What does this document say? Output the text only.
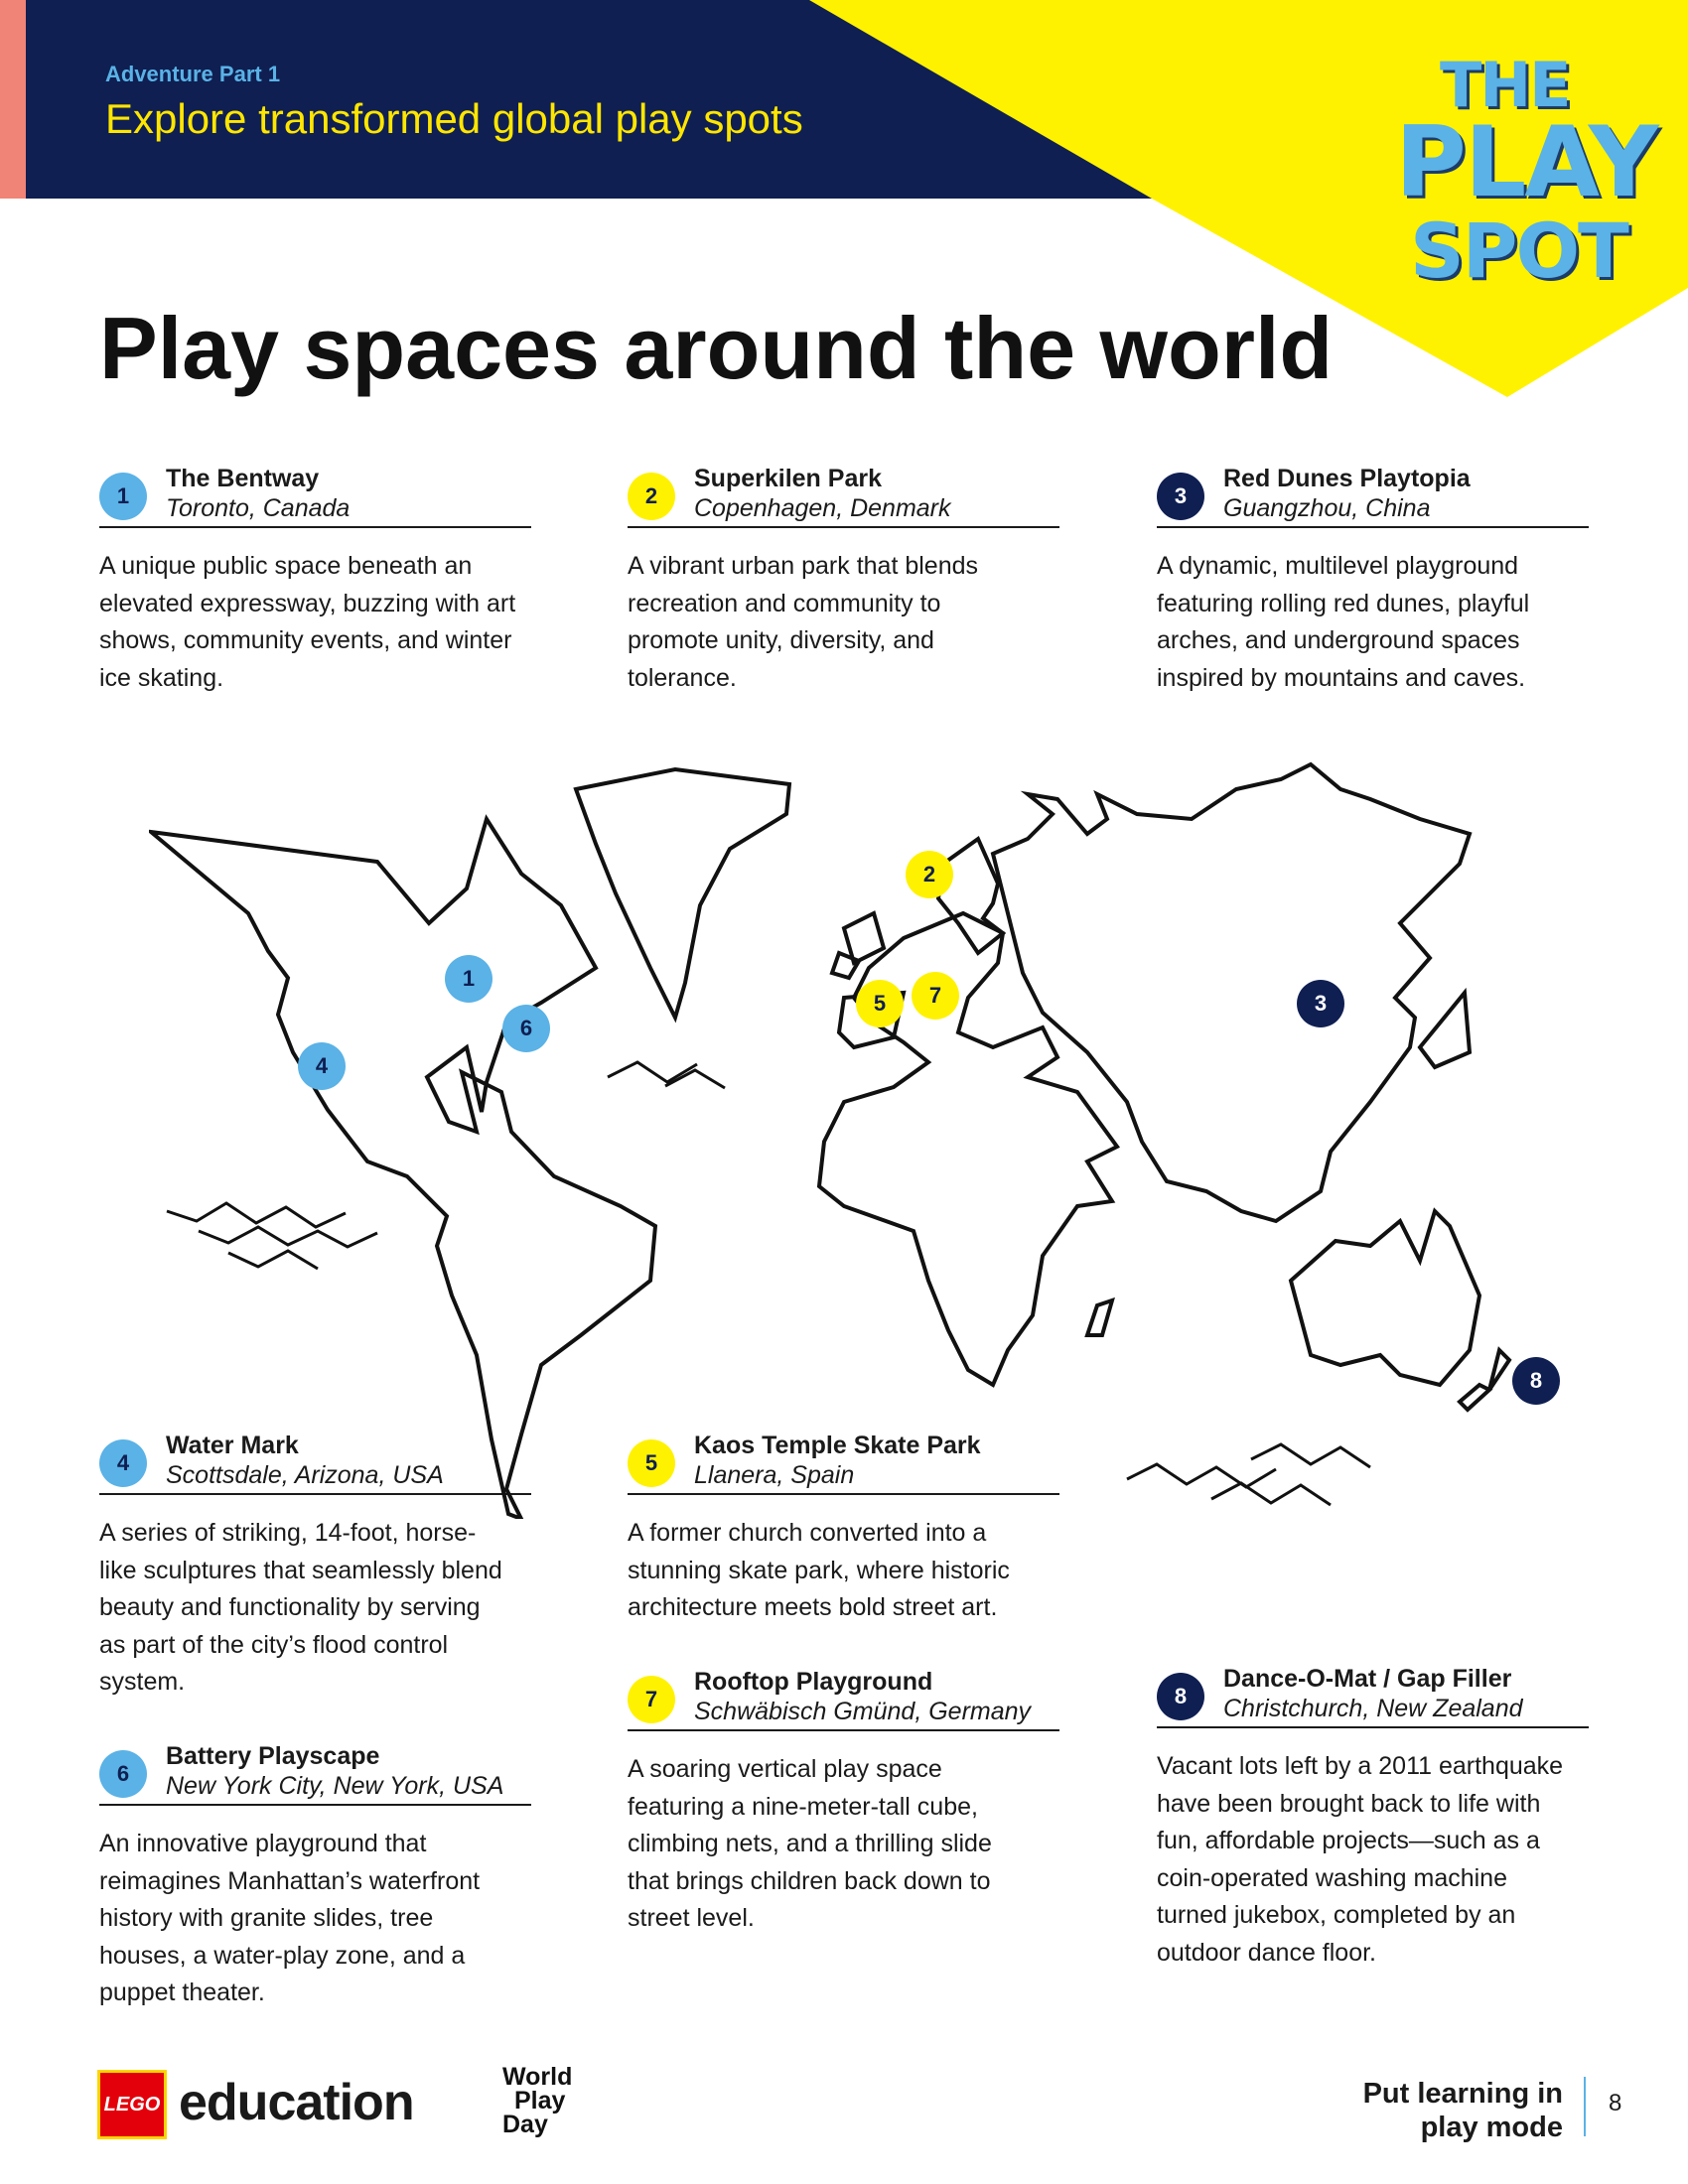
Adventure Part 1
Explore transformed global play spots	THE
PLAY
SPOT
Play spaces around the world
1
The Bentway
Toronto, Canada

A unique public space beneath an elevated expressway, buzzing with art shows, community events, and winter ice skating.

2
Superkilen Park
Copenhagen, Denmark

A vibrant urban park that blends recreation and community to promote unity, diversity, and tolerance.

3
Red Dunes Playtopia
Guangzhou, China

A dynamic, multilevel playground featuring rolling red dunes, playful arches, and underground spaces inspired by mountains and caves.

4
Water Mark
Scottsdale, Arizona, USA

A series of striking, 14-foot, horse-like sculptures that seamlessly blend beauty and functionality by serving as part of the city’s flood control system.

5
Kaos Temple Skate Park
Llanera, Spain

A former church converted into a stunning skate park, where historic architecture meets bold street art.

6
Battery Playscape
New York City, New York, USA

An innovative playground that reimagines Manhattan’s waterfront history with granite slides, tree houses, a water-play zone, and a puppet theater.

7
Rooftop Playground
Schwäbisch Gmünd, Germany

A soaring vertical play space featuring a nine-meter-tall cube, climbing nets, and a thrilling slide that brings children back down to street level.

8
Dance-O-Mat / Gap Filler
Christchurch, New Zealand

Vacant lots left by a 2011 earthquake have been brought back to life with fun, affordable projects—such as a coin-operated washing machine turned jukebox, completed by an outdoor dance floor.

1
2
3
4
5
6
7
8
LEGO education	World
Play
Day
Put learning in
play mode
8
